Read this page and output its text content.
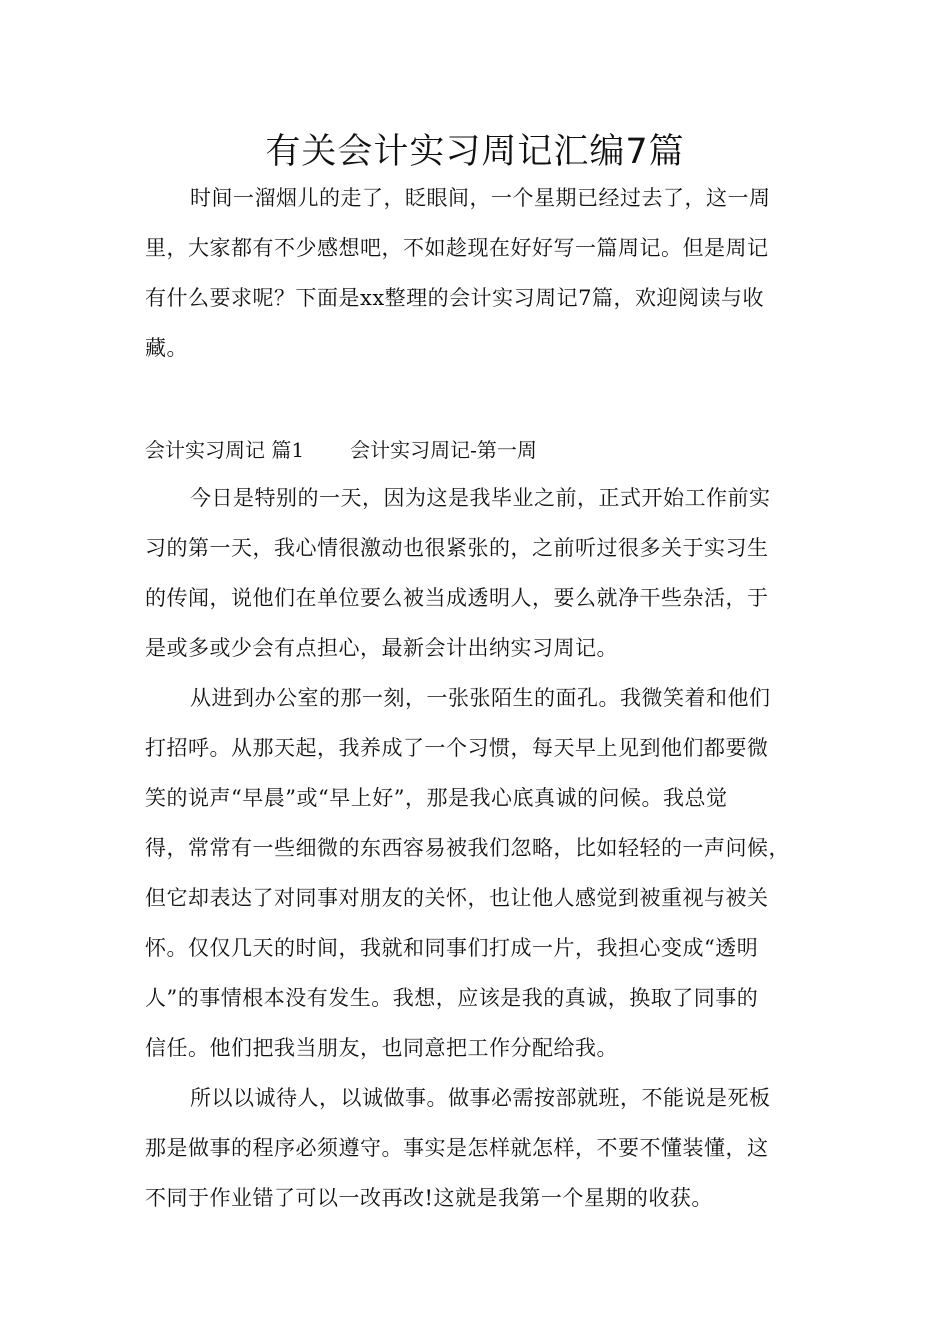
有关会计实习周记汇编7篇

时间一溜烟儿的走了，眨眼间，一个星期已经过去了，这一周

里，大家都有不少感想吧，不如趁现在好好写一篇周记。但是周记

有什么要求呢？下面是xx整理的会计实习周记7篇，欢迎阅读与收

藏。

会计实习周记 篇1 会计实习周记-第一周

今日是特别的一天，因为这是我毕业之前，正式开始工作前实

习的第一天，我心情很激动也很紧张的，之前听过很多关于实习生

的传闻，说他们在单位要么被当成透明人，要么就净干些杂活，于

是或多或少会有点担心，最新会计出纳实习周记。

从进到办公室的那一刻，一张张陌生的面孔。我微笑着和他们

打招呼。从那天起，我养成了一个习惯，每天早上见到他们都要微

笑的说声“早晨”或“早上好”，那是我心底真诚的问候。我总觉

得，常常有一些细微的东西容易被我们忽略，比如轻轻的一声问候，

但它却表达了对同事对朋友的关怀，也让他人感觉到被重视与被关

怀。仅仅几天的时间，我就和同事们打成一片，我担心变成“透明

人”的事情根本没有发生。我想，应该是我的真诚，换取了同事的

信任。他们把我当朋友，也同意把工作分配给我。

所以以诚待人，以诚做事。做事必需按部就班，不能说是死板

那是做事的程序必须遵守。事实是怎样就怎样，不要不懂装懂，这

不同于作业错了可以一改再改!这就是我第一个星期的收获。
